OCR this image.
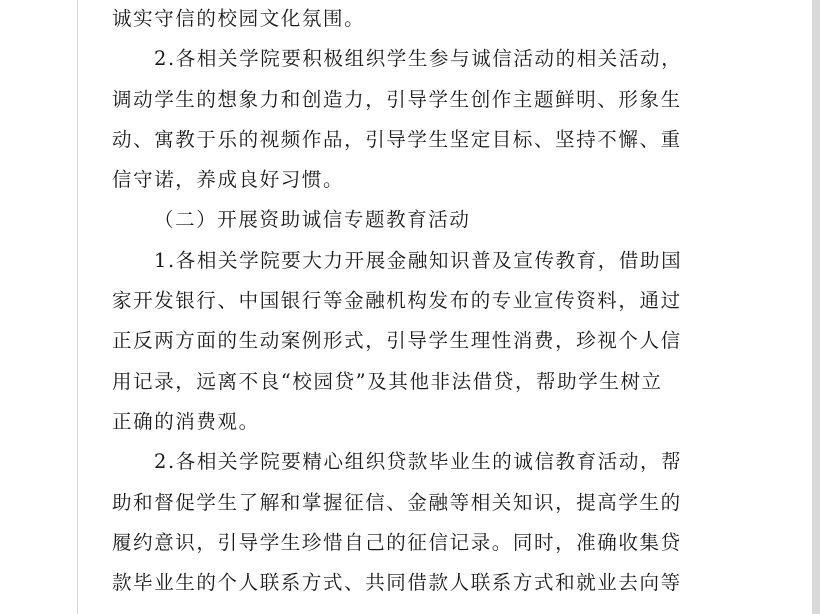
诚实守信的校园文化氛围。
2.各相关学院要积极组织学生参与诚信活动的相关活动，
调动学生的想象力和创造力，引导学生创作主题鲜明、形象生
动、寓教于乐的视频作品，引导学生坚定目标、坚持不懈、重
信守诺，养成良好习惯。
（二）开展资助诚信专题教育活动
1.各相关学院要大力开展金融知识普及宣传教育，借助国
家开发银行、中国银行等金融机构发布的专业宣传资料，通过
正反两方面的生动案例形式，引导学生理性消费，珍视个人信
用记录，远离不良“校园贷”及其他非法借贷，帮助学生树立
正确的消费观。
2.各相关学院要精心组织贷款毕业生的诚信教育活动，帮
助和督促学生了解和掌握征信、金融等相关知识，提高学生的
履约意识，引导学生珍惜自己的征信记录。同时，准确收集贷
款毕业生的个人联系方式、共同借款人联系方式和就业去向等
